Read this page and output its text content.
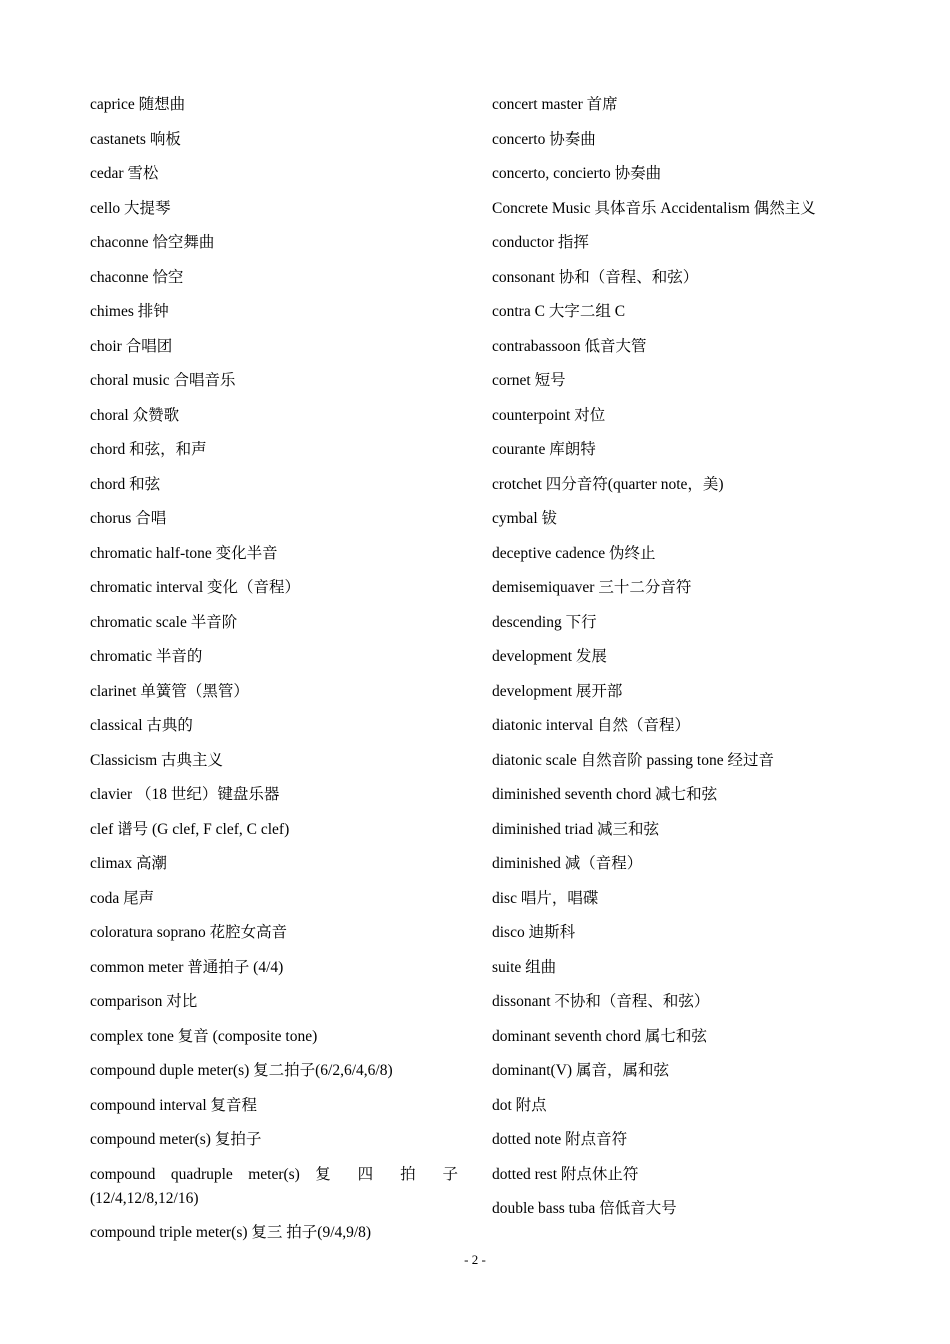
caprice 随想曲
castanets 响板
cedar 雪松
cello 大提琴
chaconne 恰空舞曲
chaconne 恰空
chimes 排钟
choir 合唱团
choral music 合唱音乐
choral 众赞歌
chord 和弦，和声
chord 和弦
chorus 合唱
chromatic half-tone 变化半音
chromatic interval 变化（音程）
chromatic scale 半音阶
chromatic 半音的
clarinet 单簧管（黑管）
classical 古典的
Classicism 古典主义
clavier （18 世纪）键盘乐器
clef 谱号 (G clef, F clef, C clef)
climax 高潮
coda 尾声
coloratura soprano 花腔女高音
common meter 普通拍子 (4/4)
comparison 对比
complex tone 复音 (composite tone)
compound duple meter(s) 复二拍子(6/2,6/4,6/8)
compound interval 复音程
compound meter(s) 复拍子
compound quadruple meter(s) 复 四 拍 子
(12/4,12/8,12/16)
compound triple meter(s) 复三 拍子(9/4,9/8)
concert master 首席
concerto 协奏曲
concerto, concierto 协奏曲
Concrete Music 具体音乐 Accidentalism 偶然主义
conductor 指挥
consonant 协和（音程、和弦）
contra C 大字二组 C
contrabassoon 低音大管
cornet 短号
counterpoint 对位
courante 库朗特
crotchet 四分音符(quarter note，美)
cymbal 钹
deceptive cadence 伪终止
demisemiquaver 三十二分音符
descending 下行
development 发展
development 展开部
diatonic interval 自然（音程）
diatonic scale 自然音阶 passing tone 经过音
diminished seventh chord 减七和弦
diminished triad 减三和弦
diminished 减（音程）
disc 唱片，唱碟
disco 迪斯科
suite 组曲
dissonant 不协和（音程、和弦）
dominant seventh chord 属七和弦
dominant(V) 属音，属和弦
dot 附点
dotted note 附点音符
dotted rest 附点休止符
double bass tuba 倍低音大号
- 2 -
